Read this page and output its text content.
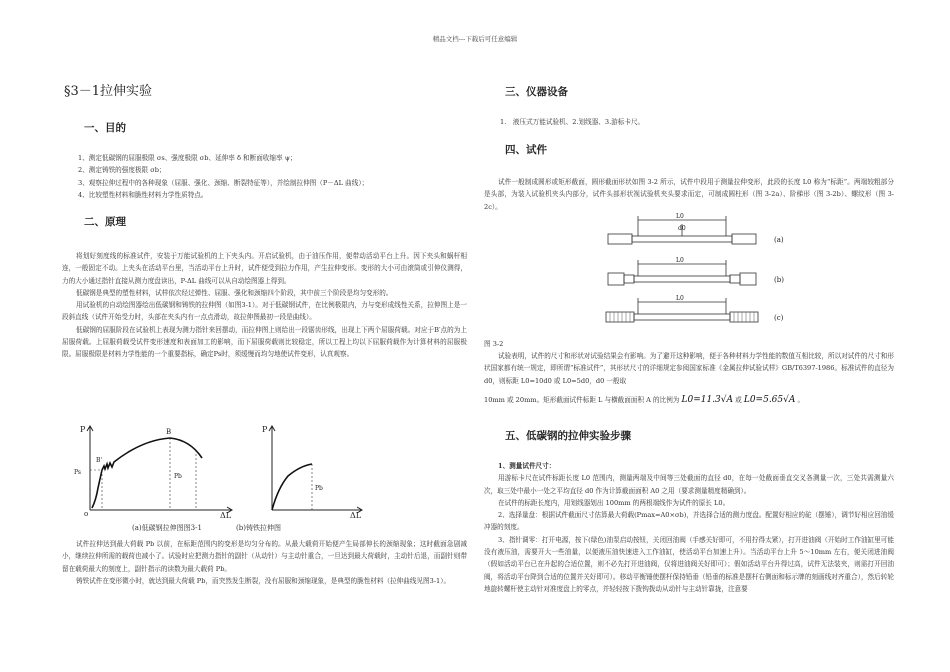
精品文档---下载后可任意编辑
§3－1拉伸实验
一、目的
1、测定低碳钢的屈服极限 σs、强度极限 σb、延伸率 δ 和断面收缩率 ψ；
2、测定铸铁的强度极限 σb；
3、观察拉伸过程中的各种现象（屈服、强化、颈缩、断裂特征等），并绘制拉伸图（P－ΔL 曲线）；
4、比较塑性材料和脆性材料力学性质特点。
二、原理
将划好刻度线的标准试件，安装于万能试验机的上下夹头内。开启试验机，由于油压作用，便带动活动平台上升。因下夹头和蜗杆相连，一般固定不动。上夹头在活动平台里，当活动平台上升时，试件便受到拉力作用，产生拉伸变形。变形的大小可由滚筒或引伸仪测得，力的大小通过指针直接从测力度盘读出，P-ΔL 曲线可以从自动绘图器上得到。
低碳钢是典型的塑性材料，试样依次经过弹性、屈服、强化和颈缩四个阶段，其中前三个阶段是均匀变形的。
用试验机的自动绘图器绘出低碳钢和铸铁的拉伸图（如图3-1）。对于低碳钢试件，在比例极限内，力与变形成线性关系，拉伸图上是一段斜直线（试件开始受力时，头部在夹头内有一点点滑动，故拉伸图最初一段是曲线）。
低碳钢的屈服阶段在试验机上表现为测力指针来回摆动，而拉伸图上则给出一段锯齿形线，出现上下两个屈服荷载。对应于B′点的为上屈服荷载。上屈服荷载受试件变形速度和表面加工的影响，而下屈服荷载则比较稳定，所以工程上均以下屈服荷载作为计算材料的屈服极限。屈服极限是材料力学性能的一个重要指标，确定Ps时，须缓慢而均匀地使试件变形，认真观察。
P
ΔL
o
B
B'
Ps
Pb
P
ΔL
Pb
(a)低碳钢拉伸图图3-1	(b)铸铁拉伸图
试件拉伸达到最大荷载 Pb 以前，在标距范围内的变形是均匀分布的。从最大载荷开始便产生局部伸长的颈缩现象；这时截面急剧减小，继续拉伸所需的载荷也减小了。试验时应把测力指针的副针（从动针）与主动针重合，一旦达到最大荷载时，主动针后退，而副针则带留在载荷最大的刻度上，副针指示的读数为最大载荷 Pb。
铸铁试件在变形微小时，就达到最大荷载 Pb，而突然发生断裂，没有屈服和颈缩现象，是典型的脆性材料（拉伸曲线见图3-1）。
三、仪器设备
1.　液压式万能试验机、2.划线器、3.游标卡尺。
四、试件
试件一般制成圆形或矩形截面，圆形截面形状如图 3-2 所示，试件中段用于测量拉伸变形，此段的长度 L0 称为“标距”。两端较粗部分是头部，为装入试验机夹头内部分，试件头部形状视试验机夹头要求而定，可制成圆柱形（图 3-2a）、阶梯形（图 3-2b）、螺纹形（图 3-2c）。
L0
d0
L0
L0
(a)
(b)
(c)
图 3-2
试验表明，试件的尺寸和形状对试验结果会有影响。为了避开这种影响，便于各种材料力学性能的数值互相比较，所以对试件的尺寸和形状国家都有统一规定，即所谓“标准试件”，其形状尺寸的详细规定参阅国家标准《金属拉伸试验试样》GB/T6397-1986。标准试件的直径为 d0，则标距 L0=10d0 或 L0=5d0，d0 一般取
10mm 或 20mm。矩形截面试件标距 L 与横截面面积 A 的比例为 L0=11.3√A 或 L0=5.65√A 。
五、低碳钢的拉伸实验步骤
1、测量试件尺寸：
用游标卡尺在试件标距长度 L0 范围内，测量两端及中间等三处截面的直径 d0，在每一处截面垂直交叉各测量一次，三处共需测量六次，取三处中最小一处之平均直径 d0 作为计算截面面积 A0 之用（要求测量精度精确到）。
在试件的标距长度内，用划线器划出 100mm 的两根端线作为试件的原长 L0。
2、选择量盘：根据试件截面尺寸估算最大荷载(Pmax=A0×σb)，并选择合适的测力度盘。配置好相应的砣（摆锤），调节好相应回油缓冲器的刻度。
3、指针调零：打开电源，按下(绿色)油泵启动按钮，关闭回油阀（手感关好即可，不用拧得太紧），打开进油阀（开始时工作油缸里可能没有液压油，需要开大一些油量，以便液压油快速进入工作油缸，使活动平台加速上升）。当活动平台上升 5～10mm 左右，便关闭进油阀（假如活动平台已在升起的合适位置，则不必先打开进油阀，仅将进油阀关好即可）；假如活动平台升得过高，试件无法装夹，则需打开回油阀，将活动平台降到合适的位置并关好即可）。移动平衡锤使摆杆保持铅垂（铅垂的标准是摆杆右侧面和标示牌的刻画线对齐重合），然后转轮地旋转螺杆使主动针对准度盘上的零点，并轻轻按下拨钩拨动从动针与主动针靠拢，注意要
